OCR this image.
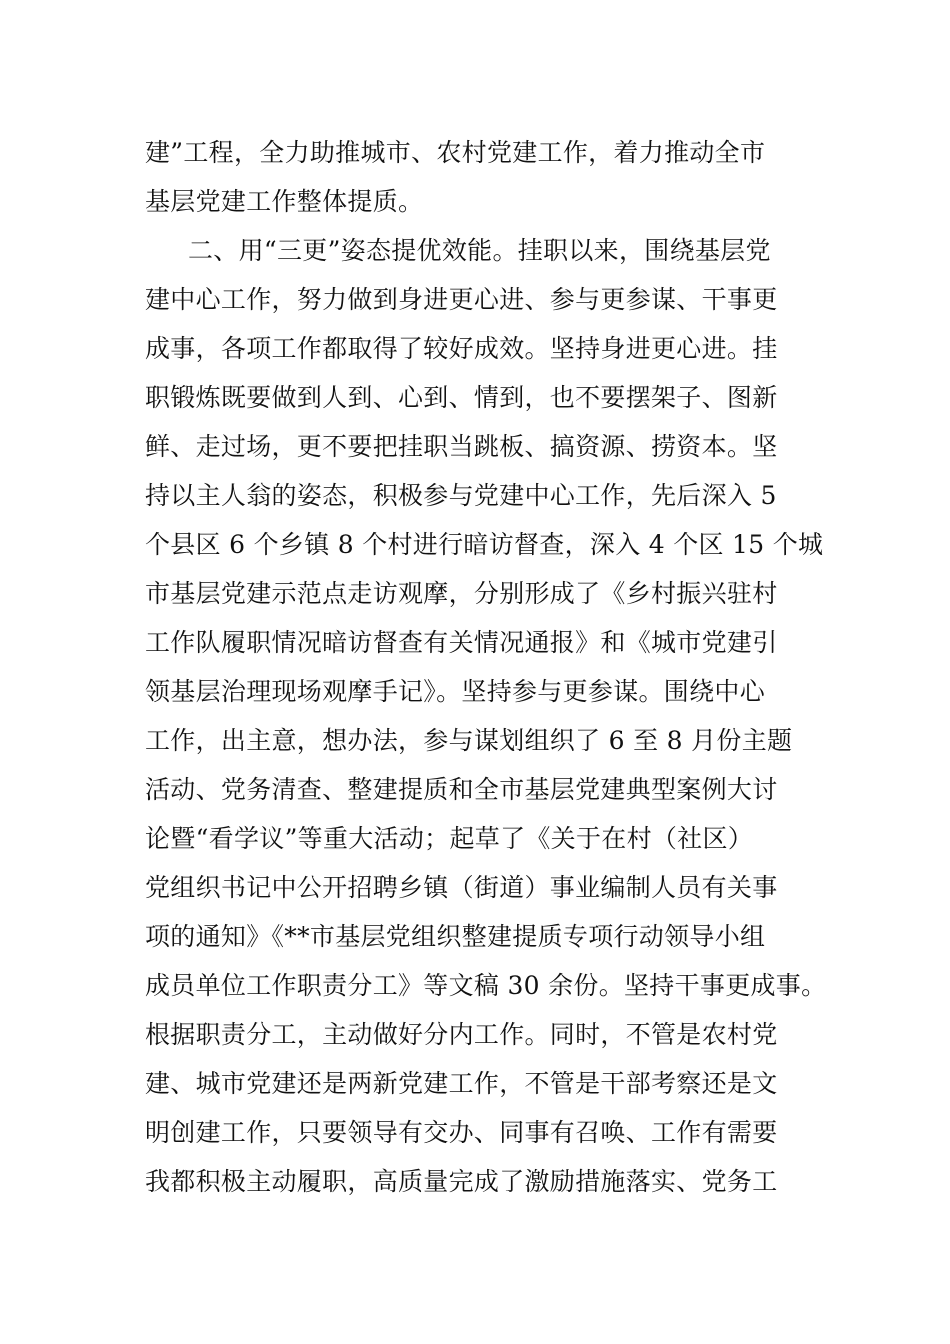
建”工程，全力助推城市、农村党建工作，着力推动全市
基层党建工作整体提质。
二、用“三更”姿态提优效能。挂职以来，围绕基层党
建中心工作，努力做到身进更心进、参与更参谋、干事更
成事，各项工作都取得了较好成效。坚持身进更心进。挂
职锻炼既要做到人到、心到、情到，也不要摆架子、图新
鲜、走过场，更不要把挂职当跳板、搞资源、捞资本。坚
持以主人翁的姿态，积极参与党建中心工作，先后深入 5
个县区 6 个乡镇 8 个村进行暗访督查，深入 4 个区 15 个城
市基层党建示范点走访观摩，分别形成了《乡村振兴驻村
工作队履职情况暗访督查有关情况通报》和《城市党建引
领基层治理现场观摩手记》。坚持参与更参谋。围绕中心
工作，出主意，想办法，参与谋划组织了 6 至 8 月份主题
活动、党务清查、整建提质和全市基层党建典型案例大讨
论暨“看学议”等重大活动；起草了《关于在村（社区）
党组织书记中公开招聘乡镇（街道）事业编制人员有关事
项的通知》《**市基层党组织整建提质专项行动领导小组
成员单位工作职责分工》等文稿 30 余份。坚持干事更成事。
根据职责分工，主动做好分内工作。同时，不管是农村党
建、城市党建还是两新党建工作，不管是干部考察还是文
明创建工作，只要领导有交办、同事有召唤、工作有需要
我都积极主动履职，高质量完成了激励措施落实、党务工
